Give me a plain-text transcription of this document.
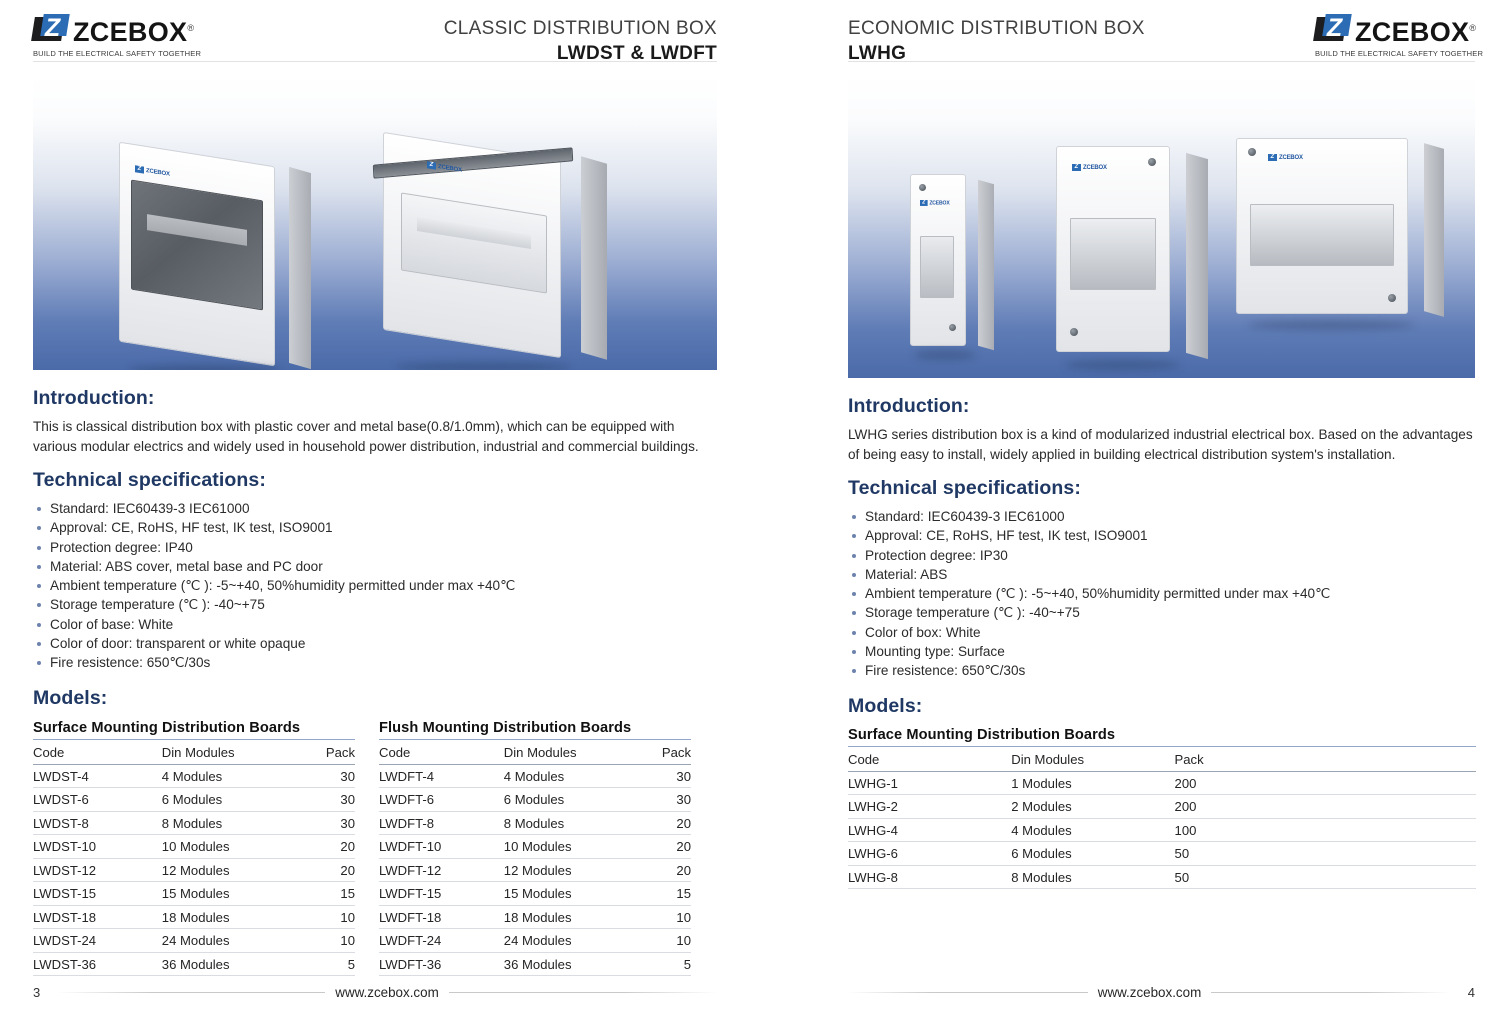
Z ZCEBOX®
BUILD THE ELECTRICAL SAFETY TOGETHER
CLASSIC DISTRIBUTION BOX
LWDST & LWDFT
Z
ZCEBOX Z	ZCEBOX
Introduction:

This is classical distribution box with plastic cover and metal base(0.8/1.0mm), which can be equipped with various modular electrics and widely used in household power distribution, industrial and commercial buildings.

Technical specifications:
Standard: IEC60439-3 IEC61000
Approval: CE, RoHS, HF test, IK test, ISO9001
Protection degree: IP40
Material: ABS cover, metal base and PC door
Ambient temperature (℃ ): -5~+40, 50%humidity permitted under max +40℃
Storage temperature (℃ ): -40~+75
Color of base: White
Color of door: transparent or white opaque
Fire resistence: 650℃/30s
Models:
Surface Mounting Distribution Boards
Code	Din Modules	Pack
LWDST-4	4 Modules	30
LWDST-6	6 Modules	30
LWDST-8	8 Modules	30
LWDST-10	10 Modules	20
LWDST-12	12 Modules	20
LWDST-15	15 Modules	15
LWDST-18	18 Modules	10
LWDST-24	24 Modules	10
LWDST-36	36 Modules	5
Flush Mounting Distribution Boards
Code	Din Modules	Pack
LWDFT-4	4 Modules	30
LWDFT-6	6 Modules	30
LWDFT-8	8 Modules	20
LWDFT-10	10 Modules	20
LWDFT-12	12 Modules	20
LWDFT-15	15 Modules	15
LWDFT-18	18 Modules	10
LWDFT-24	24 Modules	10
LWDFT-36	36 Modules	5
3	www.zcebox.com
Z ZCEBOX®
BUILD THE ELECTRICAL SAFETY TOGETHER
ECONOMIC DISTRIBUTION BOX
LWHG
Z
ZCEBOX
Z
ZCEBOX
Z
ZCEBOX
Introduction:

LWHG series distribution box is a kind of modularized industrial electrical box. Based on the advantages of being easy to install, widely applied in building electrical distribution system's installation.

Technical specifications:
Standard: IEC60439-3 IEC61000
Approval: CE, RoHS, HF test, IK test, ISO9001
Protection degree: IP30
Material: ABS
Ambient temperature (℃ ): -5~+40, 50%humidity permitted under max +40℃
Storage temperature (℃ ): -40~+75
Color of box: White
Mounting type: Surface
Fire resistence: 650℃/30s
Models:
Surface Mounting Distribution Boards
Code	Din Modules	Pack
LWHG-1	1 Modules	200
LWHG-2	2 Modules	200
LWHG-4	4 Modules	100
LWHG-6	6 Modules	50
LWHG-8	8 Modules	50
www.zcebox.com	4
